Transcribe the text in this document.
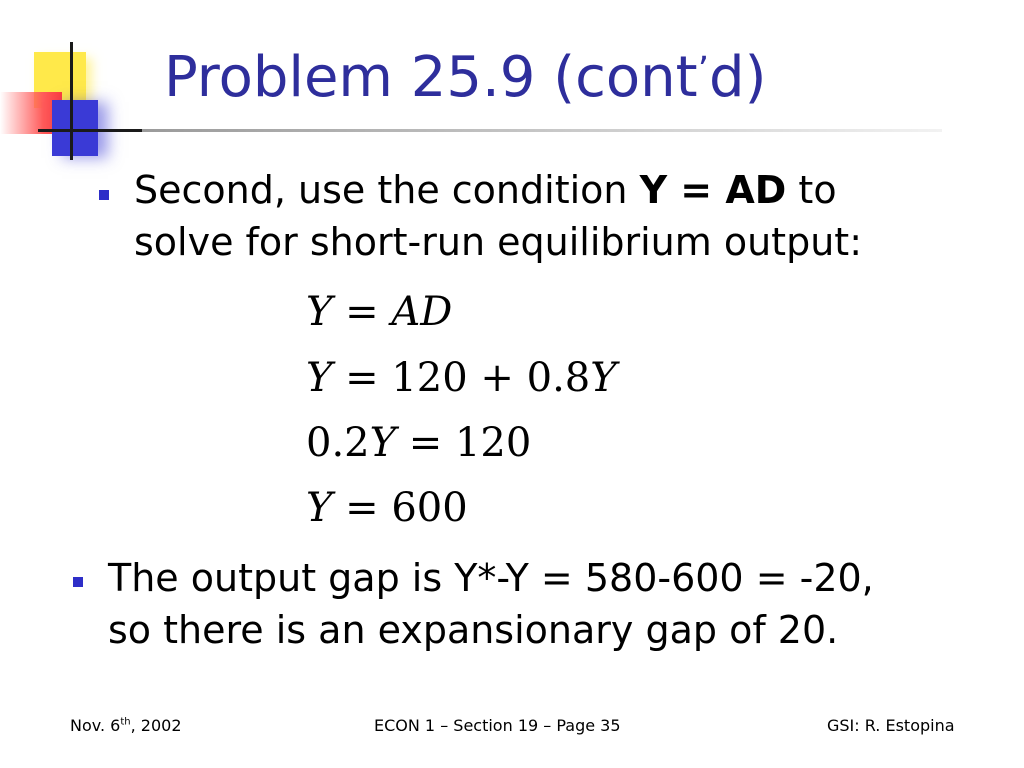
Problem 25.9 (cont’d)
Second, use the condition Y = AD to
solve for short-run equilibrium output:
Y = AD
Y = 120 + 0.8Y
0.2Y = 120
Y = 600
The output gap is Y*-Y = 580-600 = -20,
so there is an expansionary gap of 20.
Nov. 6th, 2002	ECON 1 – Section 19 – Page 35	GSI: R. Estopina
